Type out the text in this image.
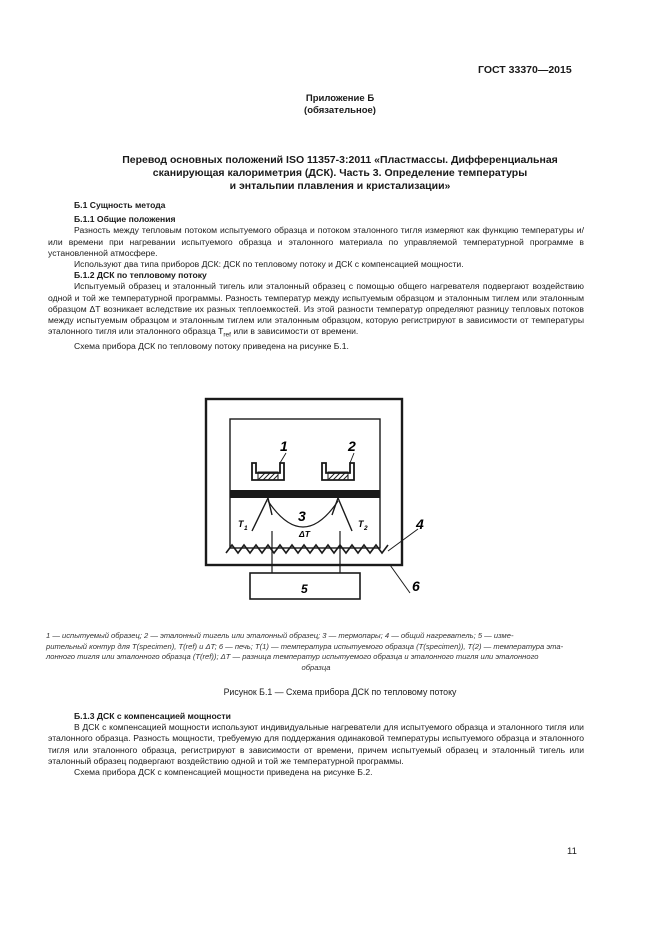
ГОСТ 33370—2015
Приложение Б
(обязательное)
Перевод основных положений ISO 11357-3:2011 «Пластмассы. Дифференциальная
сканирующая калориметрия (ДСК). Часть 3. Определение температуры
и энтальпии плавления и кристализации»

Б.1 Сущность метода

Б.1.1 Общие положения

Разность между тепловым потоком испытуемого образца и потоком эталонного тигля измеряют как функцию температуры и/или времени при нагревании испытуемого образца и эталонного материала по управляемой температурной программе в установленной атмосфере.

Используют два типа приборов ДСК: ДСК по тепловому потоку и ДСК с компенсацией мощности.

Б.1.2 ДСК по тепловому потоку

Испытуемый образец и эталонный тигель или эталонный образец с помощью общего нагревателя подвергают воздействию одной и той же температурной программы. Разность температур между испытуемым образцом и эталонным тиглем или эталонным образцом ΔТ возникает вследствие их разных теплоемкостей. Из этой разности температур определяют разницу тепловых потоков между испытуемым образцом и эталонным тиглем или эталонным образцом, которую регистрируют в зависимости от температуры эталонного тигля или эталонного образца $T_{ref}$ или в зависимости от времени.

Схема прибора ДСК по тепловому потоку приведена на рисунке Б.1.

1	2
3	4
5	6
T 1	T 2
ΔT
1 — испытуемый образец; 2 — эталонный тигель или эталонный образец; 3 — термопары; 4 — общий нагреватель; 5 — изме-
рительный контур для T(specimen), T(ref) и ΔT; 6 — печь; T(1) — температура испытуемого образца (T(specimen)), T(2) — температура эта-
лонного тигля или эталонного образца (T(ref)); ΔT — разница температур испытуемого образца и эталонного тигля или эталонного
образца
Рисунок Б.1 — Схема прибора ДСК по тепловому потоку

Б.1.3 ДСК с компенсацией мощности

В ДСК с компенсацией мощности используют индивидуальные нагреватели для испытуемого образца и эталонного тигля или эталонного образца. Разность мощности, требуемую для поддержания одинаковой температуры испытуемого образца и эталонного тигля или эталонного образца, регистрируют в зависимости от времени, причем испытуемый образец и эталонный тигель или эталонный образец подвергают воздействию одной и той же температурной программы.

Схема прибора ДСК с компенсацией мощности приведена на рисунке Б.2.

11
